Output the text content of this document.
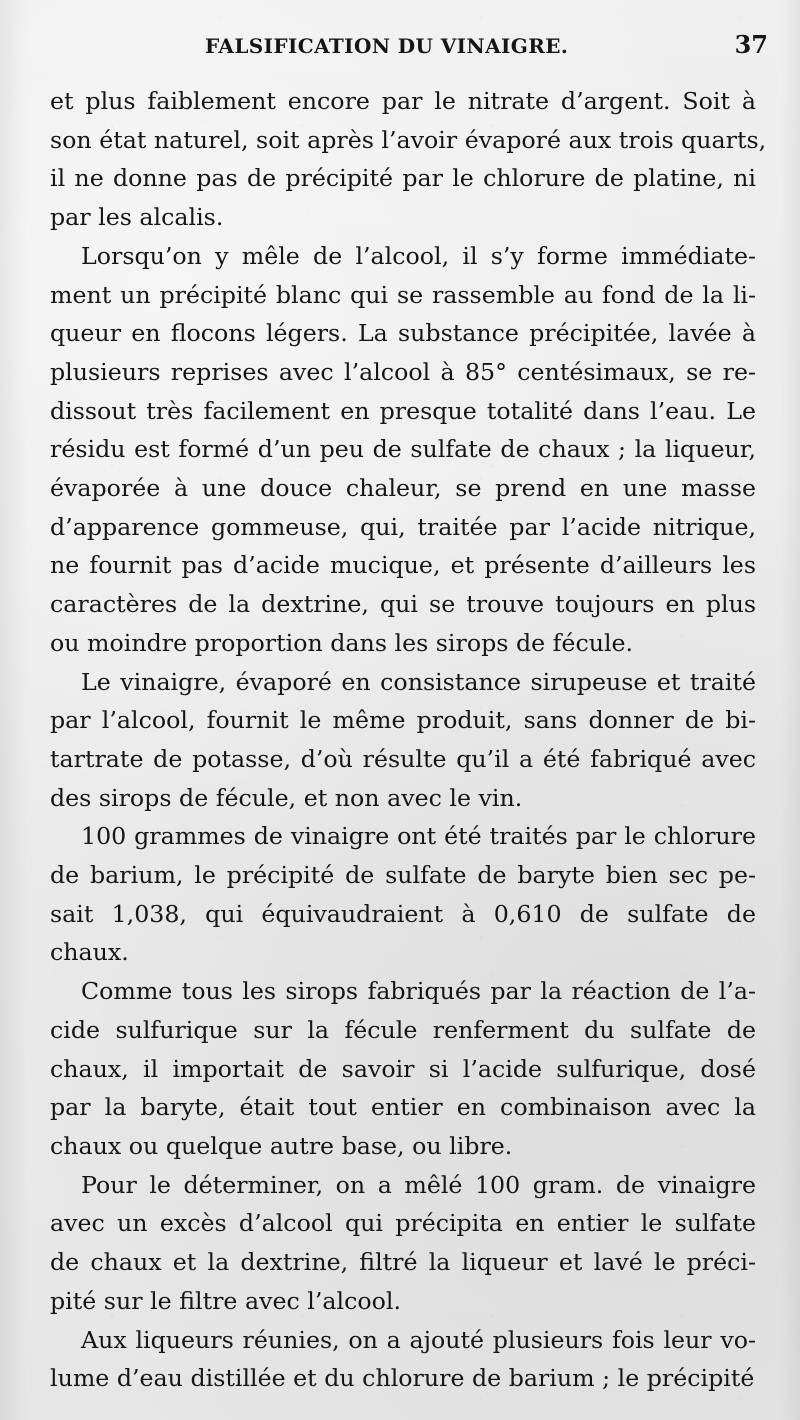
FALSIFICATION DU VINAIGRE.	37

et plus faiblement encore par le nitrate d’argent. Soit à
son état naturel, soit après l’avoir évaporé aux trois quarts,
il ne donne pas de précipité par le chlorure de platine, ni
par les alcalis.

Lorsqu’on y mêle de l’alcool, il s’y forme immédiate-
ment un précipité blanc qui se rassemble au fond de la li-
queur en flocons légers. La substance précipitée, lavée à
plusieurs reprises avec l’alcool à 85° centésimaux, se re-
dissout très facilement en presque totalité dans l’eau. Le
résidu est formé d’un peu de sulfate de chaux ; la liqueur,
évaporée à une douce chaleur, se prend en une masse
d’apparence gommeuse, qui, traitée par l’acide nitrique,
ne fournit pas d’acide mucique, et présente d’ailleurs les
caractères de la dextrine, qui se trouve toujours en plus
ou moindre proportion dans les sirops de fécule.

Le vinaigre, évaporé en consistance sirupeuse et traité
par l’alcool, fournit le même produit, sans donner de bi-
tartrate de potasse, d’où résulte qu’il a été fabriqué avec
des sirops de fécule, et non avec le vin.

100 grammes de vinaigre ont été traités par le chlorure
de barium, le précipité de sulfate de baryte bien sec pe-
sait 1,038, qui équivaudraient à 0,610 de sulfate de
chaux.

Comme tous les sirops fabriqués par la réaction de l’a-
cide sulfurique sur la fécule renferment du sulfate de
chaux, il importait de savoir si l’acide sulfurique, dosé
par la baryte, était tout entier en combinaison avec la
chaux ou quelque autre base, ou libre.

Pour le déterminer, on a mêlé 100 gram. de vinaigre
avec un excès d’alcool qui précipita en entier le sulfate
de chaux et la dextrine, filtré la liqueur et lavé le préci-
pité sur le filtre avec l’alcool.

Aux liqueurs réunies, on a ajouté plusieurs fois leur vo-
lume d’eau distillée et du chlorure de barium ; le précipité
